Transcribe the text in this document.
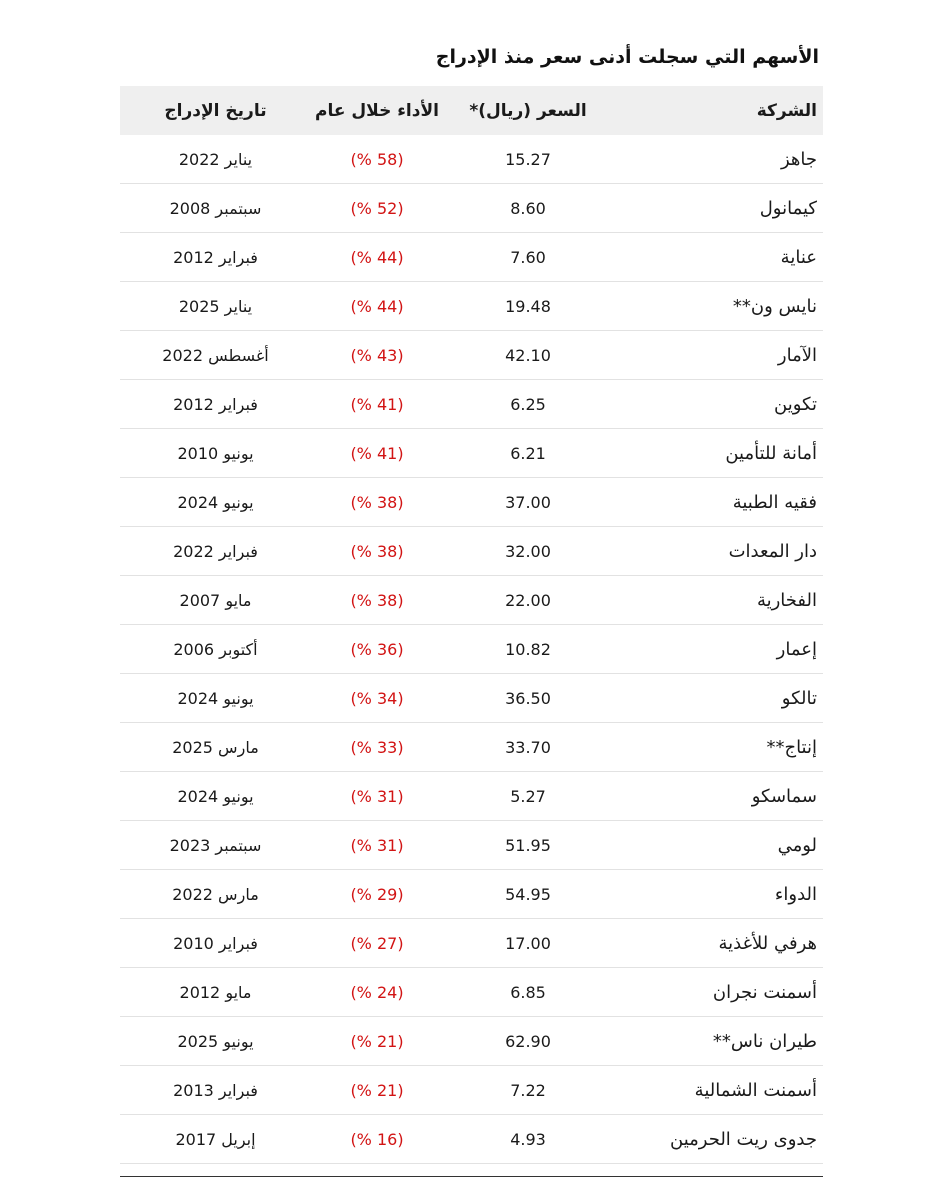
الأسهم التي سجلت أدنى سعر منذ الإدراج
الشركة
السعر (ريال)*
الأداء خلال عام
تاريخ الإدراج
جاهز
15.27
(58 %)
يناير 2022
كيمانول
8.60
(52 %)
سبتمبر 2008
عناية
7.60
(44 %)
فبراير 2012
نايس ون**
19.48
(44 %)
يناير 2025
الآمار
42.10
(43 %)
أغسطس 2022
تكوين
6.25
(41 %)
فبراير 2012
أمانة للتأمين
6.21
(41 %)
يونيو 2010
فقيه الطبية
37.00
(38 %)
يونيو 2024
دار المعدات
32.00
(38 %)
فبراير 2022
الفخارية
22.00
(38 %)
مايو 2007
إعمار
10.82
(36 %)
أكتوبر 2006
تالكو
36.50
(34 %)
يونيو 2024
إنتاج**
33.70
(33 %)
مارس 2025
سماسكو
5.27
(31 %)
يونيو 2024
لومي
51.95
(31 %)
سبتمبر 2023
الدواء
54.95
(29 %)
مارس 2022
هرفي للأغذية
17.00
(27 %)
فبراير 2010
أسمنت نجران
6.85
(24 %)
مايو 2012
طيران ناس**
62.90
(21 %)
يونيو 2025
أسمنت الشمالية
7.22
(21 %)
فبراير 2013
جدوى ريت الحرمين
4.93
(16 %)
إبريل 2017
